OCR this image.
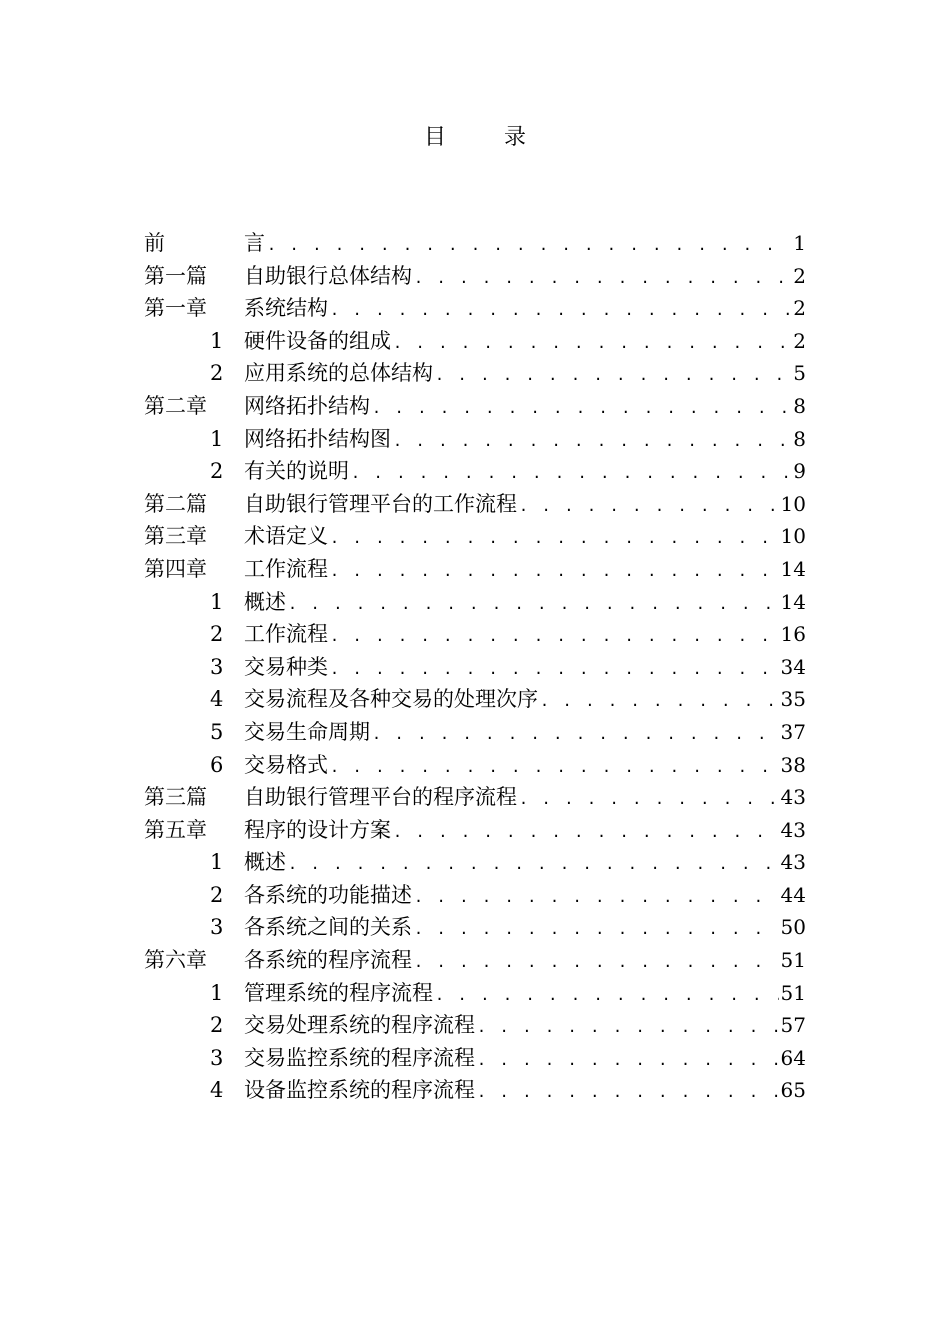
目	录
前	言 . . .	1
第一篇 自助银行总体结构 . . .	2
第一章 系统结构 . . .	2
1 硬件设备的组成 . . .	2
2 应用系统的总体结构 . . .	5
第二章 网络拓扑结构 . . .	8
1 网络拓扑结构图 . . .	8
2 有关的说明 . . .	9
第二篇 自助银行管理平台的工作流程 . . .	10
第三章 术语定义 . . .	10
第四章 工作流程 . . .	14
1 概述 . . .	14
2 工作流程 . . .	16
3 交易种类 . . .	34
4 交易流程及各种交易的处理次序 . . .	35
5 交易生命周期 . . .	37
6 交易格式 . . .	38
第三篇 自助银行管理平台的程序流程 . . .	43
第五章 程序的设计方案 . . .	43
1 概述 . . .	43
2 各系统的功能描述 . . .	44
3 各系统之间的关系 . . .	50
第六章 各系统的程序流程 . . .	51
1 管理系统的程序流程 . . .	51
2 交易处理系统的程序流程 . . .	57
3 交易监控系统的程序流程 . . .	64
4 设备监控系统的程序流程 . . .	65
